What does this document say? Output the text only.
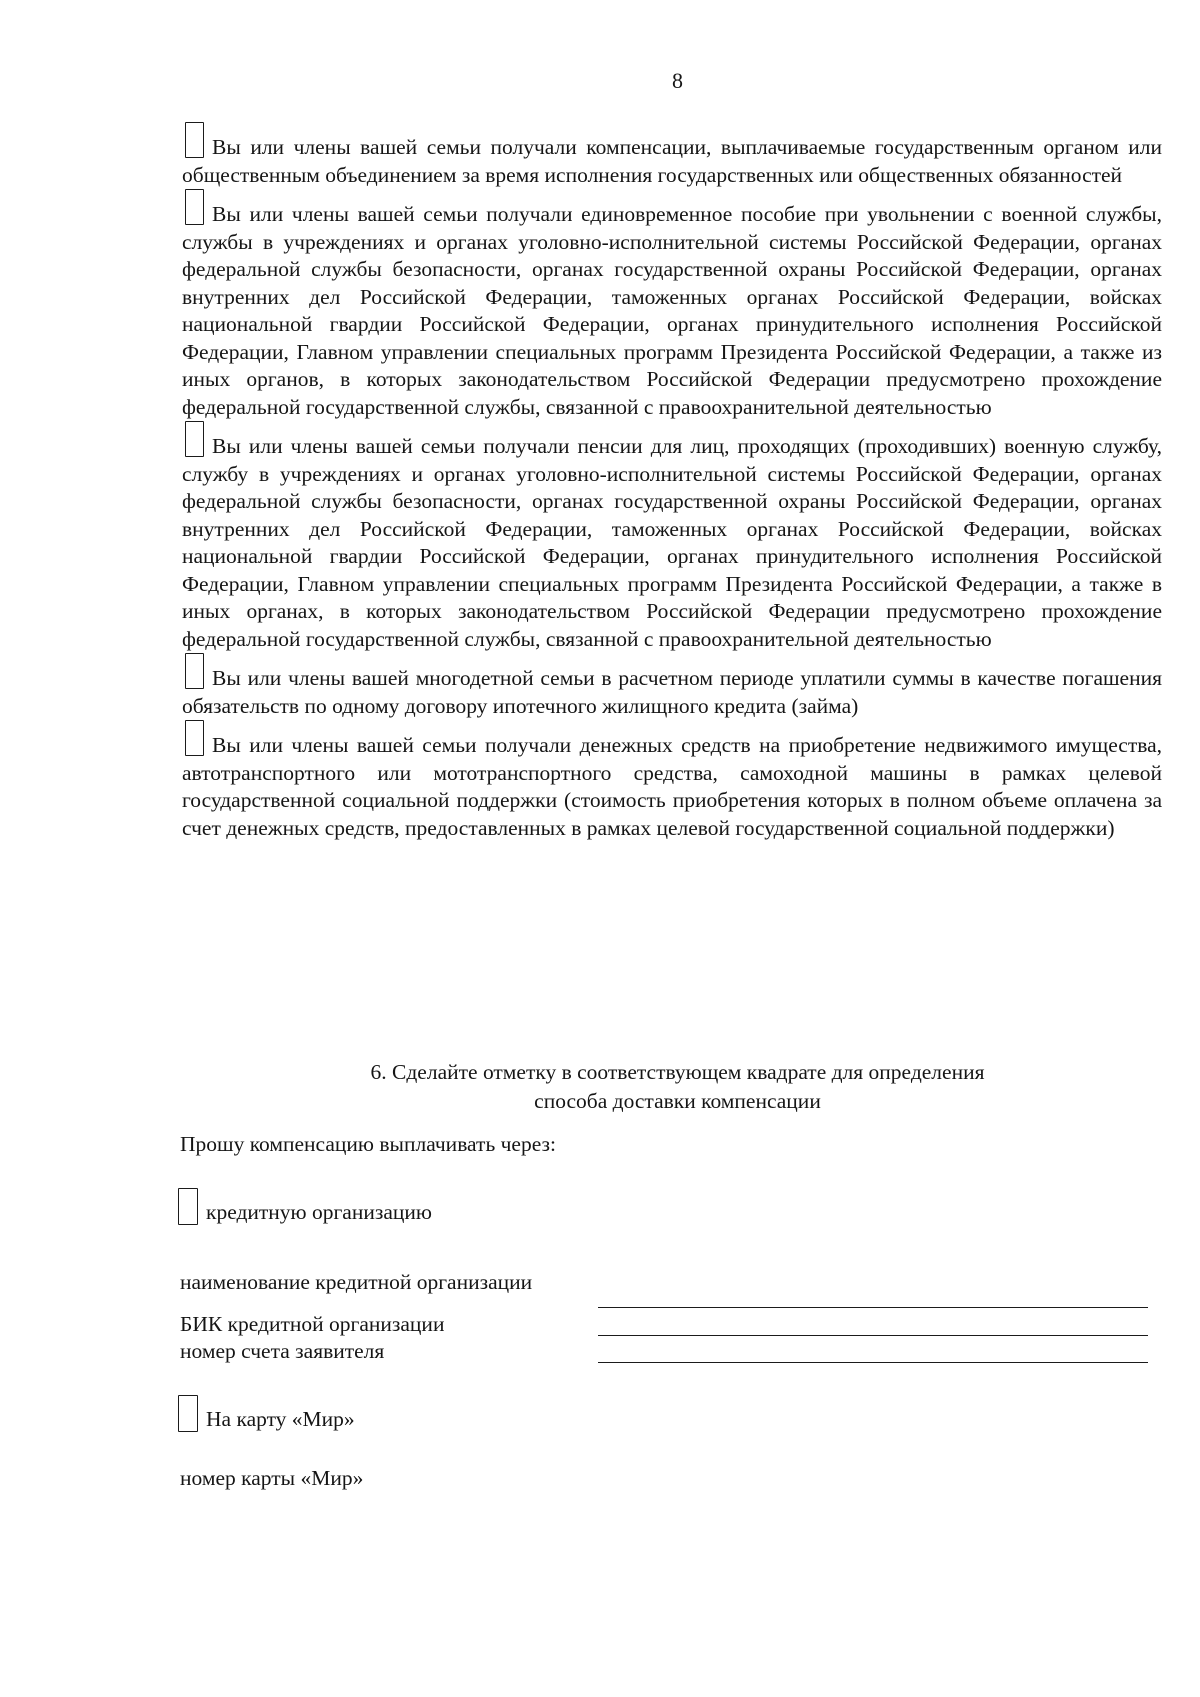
8

Вы или члены вашей семьи получали компенсации, выплачиваемые государственным органом или общественным объединением за время исполнения государственных или общественных обязанностей

Вы или члены вашей семьи получали единовременное пособие при увольнении с военной службы, службы в учреждениях и органах уголовно-исполнительной системы Российской Федерации, органах федеральной службы безопасности, органах государственной охраны Российской Федерации, органах внутренних дел Российской Федерации, таможенных органах Российской Федерации, войсках национальной гвардии Российской Федерации, органах принудительного исполнения Российской Федерации, Главном управлении специальных программ Президента Российской Федерации, а также из иных органов, в которых законодательством Российской Федерации предусмотрено прохождение федеральной государственной службы, связанной с правоохранительной деятельностью

Вы или члены вашей семьи получали пенсии для лиц, проходящих (проходивших) военную службу, службу в учреждениях и органах уголовно-исполнительной системы Российской Федерации, органах федеральной службы безопасности, органах государственной охраны Российской Федерации, органах внутренних дел Российской Федерации, таможенных органах Российской Федерации, войсках национальной гвардии Российской Федерации, органах принудительного исполнения Российской Федерации, Главном управлении специальных программ Президента Российской Федерации, а также в иных органах, в которых законодательством Российской Федерации предусмотрено прохождение федеральной государственной службы, связанной с правоохранительной деятельностью

Вы или члены вашей многодетной семьи в расчетном периоде уплатили суммы в качестве погашения обязательств по одному договору ипотечного жилищного кредита (займа)

Вы или члены вашей семьи получали денежных средств на приобретение недвижимого имущества, автотранспортного или мототранспортного средства, самоходной машины в рамках целевой государственной социальной поддержки (стоимость приобретения которых в полном объеме оплачена за счет денежных средств, предоставленных в рамках целевой государственной социальной поддержки)

6. Сделайте отметку в соответствующем квадрате для определения
способа доставки компенсации
Прошу компенсацию выплачивать через:
кредитную организацию
наименование кредитной организации
БИК кредитной организации
номер счета заявителя
На карту «Мир»
номер карты «Мир»
